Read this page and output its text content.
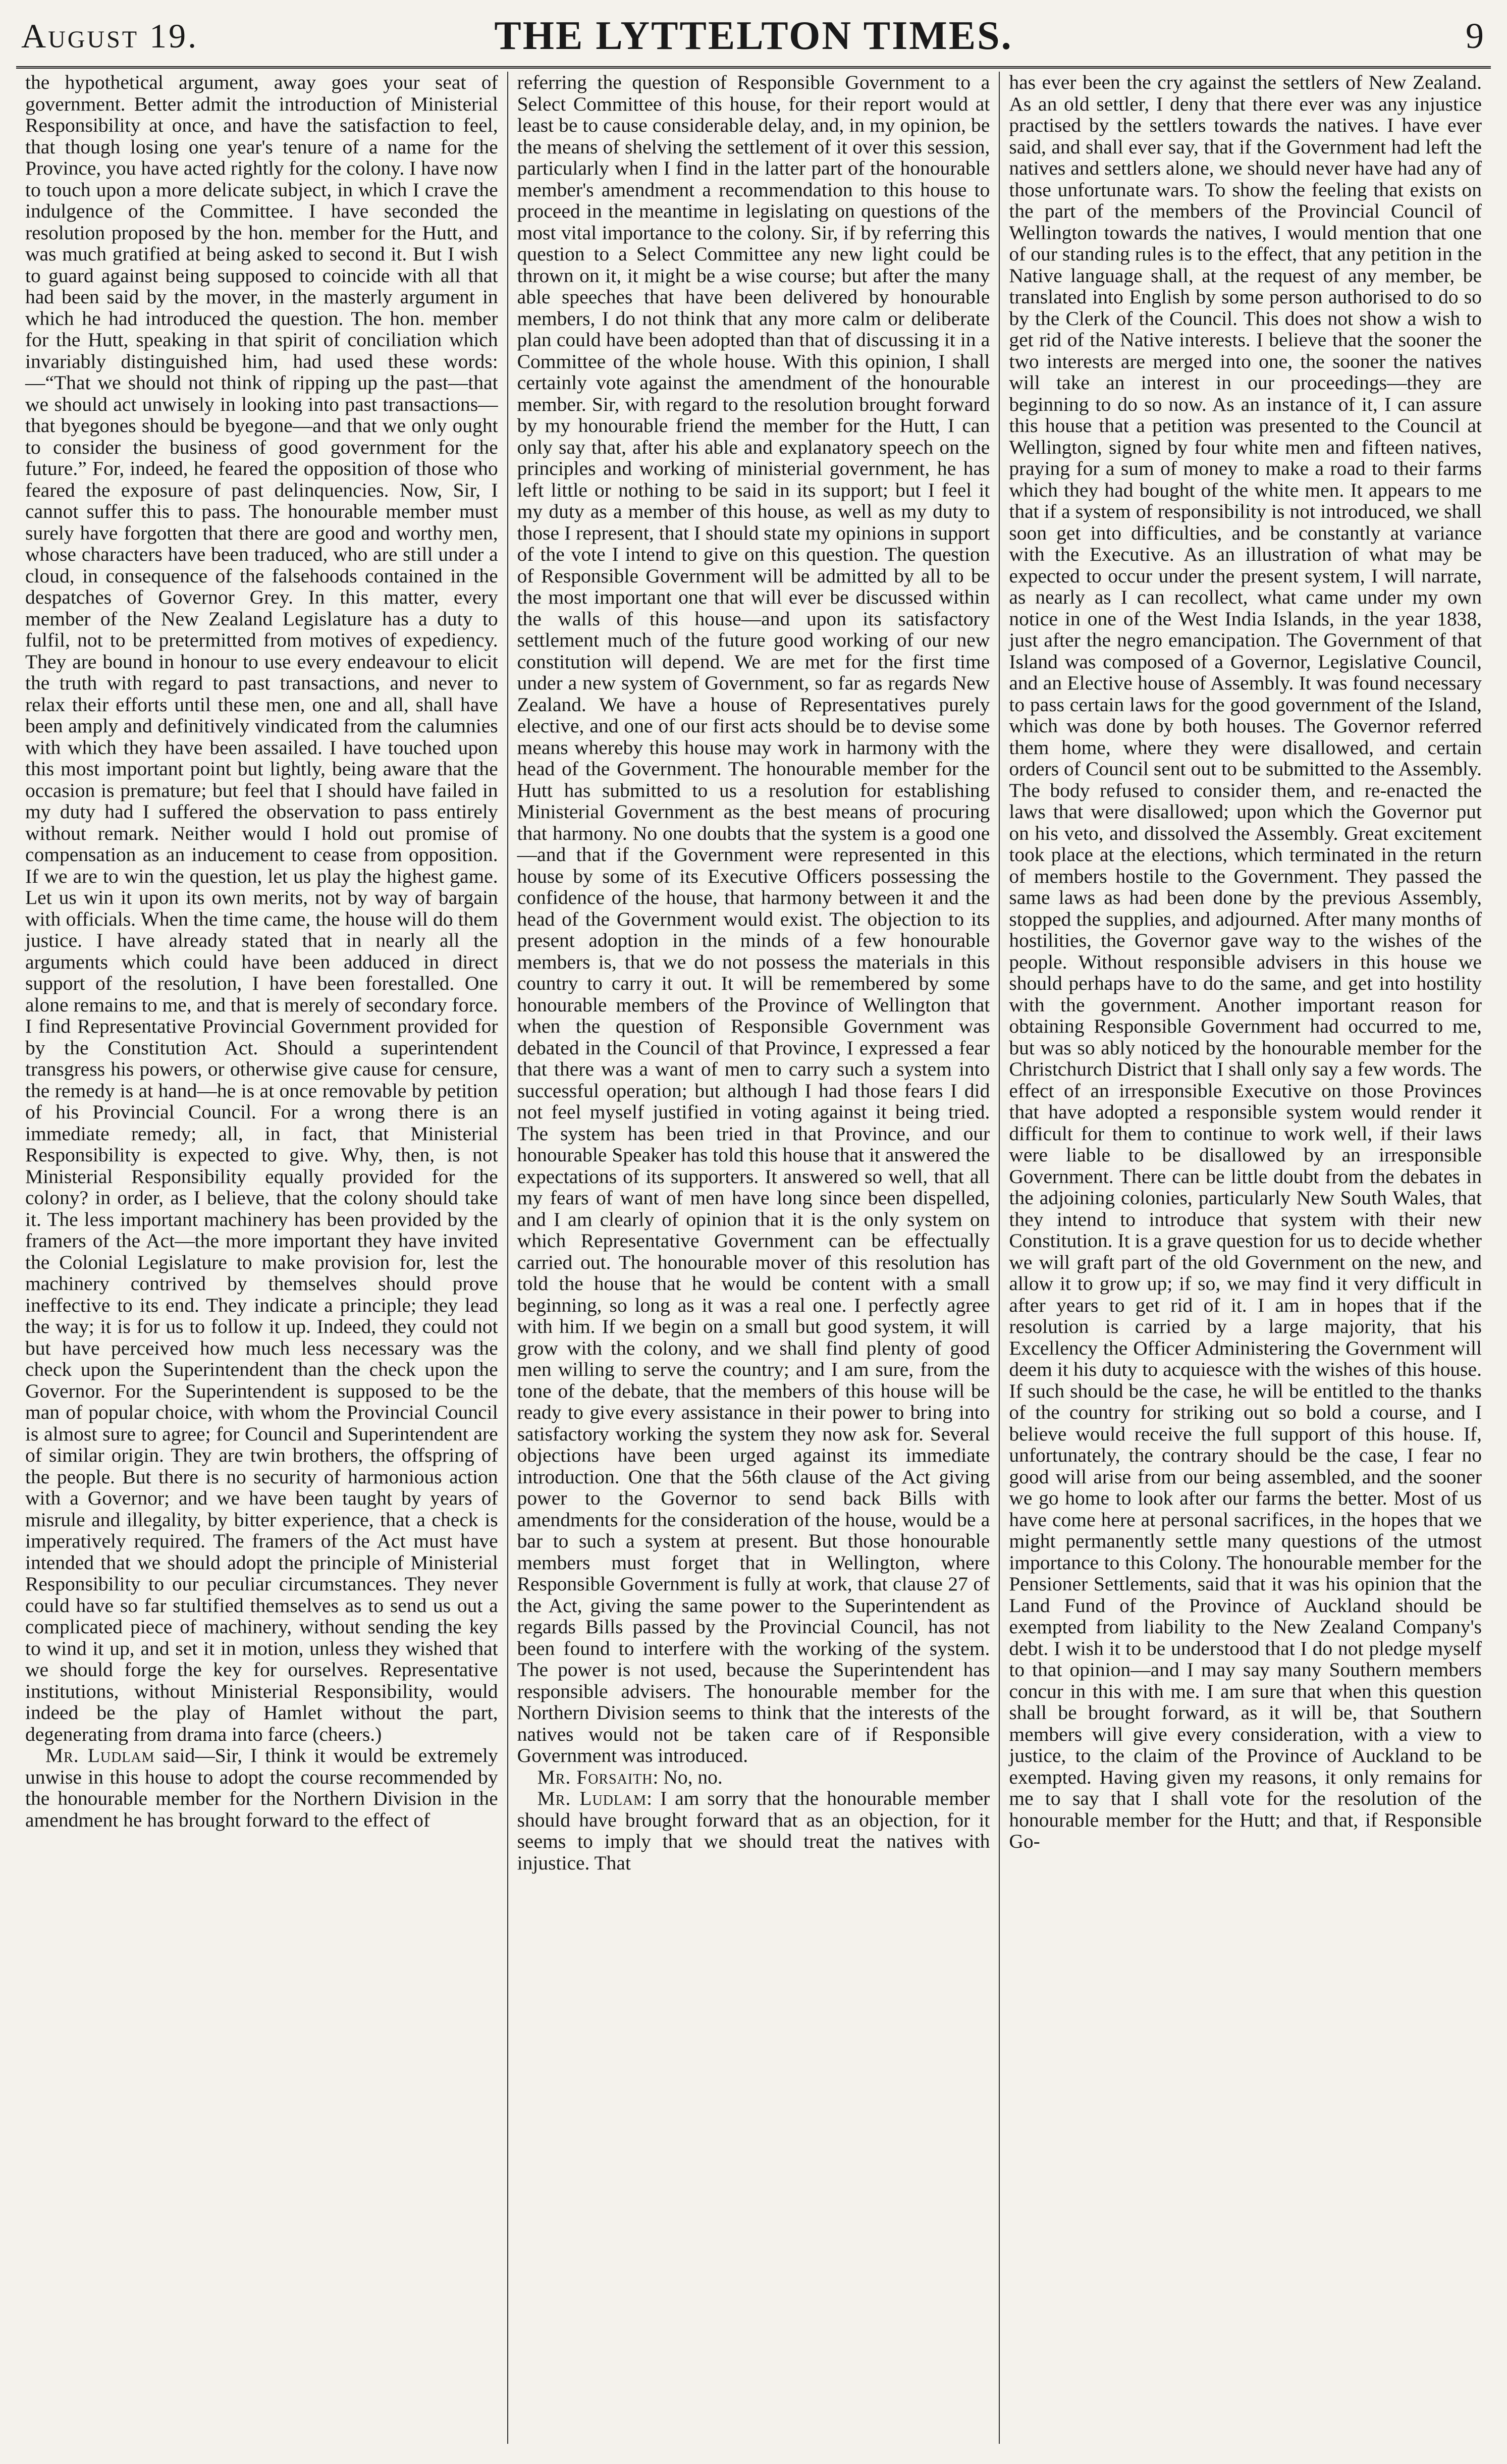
August 19.	THE LYTTELTON TIMES.	9

the hypothetical argument, away goes your seat of government. Better admit the introduction of Ministerial Responsibility at once, and have the satisfaction to feel, that though losing one year's tenure of a name for the Province, you have acted rightly for the colony. I have now to touch upon a more delicate subject, in which I crave the indulgence of the Committee. I have seconded the resolution proposed by the hon. member for the Hutt, and was much gratified at being asked to second it. But I wish to guard against being supposed to coincide with all that had been said by the mover, in the masterly argument in which he had introduced the question. The hon. member for the Hutt, speaking in that spirit of conciliation which invariably distinguished him, had used these words:—“That we should not think of ripping up the past—that we should act unwisely in looking into past transactions—that byegones should be byegone—and that we only ought to consider the business of good government for the future.” For, indeed, he feared the opposition of those who feared the exposure of past delinquencies. Now, Sir, I cannot suffer this to pass. The honourable member must surely have forgotten that there are good and worthy men, whose characters have been traduced, who are still under a cloud, in consequence of the falsehoods contained in the despatches of Governor Grey. In this matter, every member of the New Zealand Legislature has a duty to fulfil, not to be pretermitted from motives of expediency. They are bound in honour to use every endeavour to elicit the truth with regard to past transactions, and never to relax their efforts until these men, one and all, shall have been amply and definitively vindicated from the calumnies with which they have been assailed. I have touched upon this most important point but lightly, being aware that the occasion is premature; but feel that I should have failed in my duty had I suffered the observation to pass entirely without remark. Neither would I hold out promise of compensation as an inducement to cease from opposition. If we are to win the question, let us play the highest game. Let us win it upon its own merits, not by way of bargain with officials. When the time came, the house will do them justice. I have already stated that in nearly all the arguments which could have been adduced in direct support of the resolution, I have been forestalled. One alone remains to me, and that is merely of secondary force. I find Representative Provincial Government provided for by the Constitution Act. Should a superintendent transgress his powers, or otherwise give cause for censure, the remedy is at hand—he is at once removable by petition of his Provincial Council. For a wrong there is an immediate remedy; all, in fact, that Ministerial Responsibility is expected to give. Why, then, is not Ministerial Responsibility equally provided for the colony? in order, as I believe, that the colony should take it. The less important machinery has been provided by the framers of the Act—the more important they have invited the Colonial Legislature to make provision for, lest the machinery contrived by themselves should prove ineffective to its end. They indicate a principle; they lead the way; it is for us to follow it up. Indeed, they could not but have perceived how much less necessary was the check upon the Superintendent than the check upon the Governor. For the Superintendent is supposed to be the man of popular choice, with whom the Provincial Council is almost sure to agree; for Council and Superintendent are of similar origin. They are twin brothers, the offspring of the people. But there is no security of harmonious action with a Governor; and we have been taught by years of misrule and illegality, by bitter experience, that a check is imperatively required. The framers of the Act must have intended that we should adopt the principle of Ministerial Responsibility to our peculiar circumstances. They never could have so far stultified themselves as to send us out a complicated piece of machinery, without sending the key to wind it up, and set it in motion, unless they wished that we should forge the key for ourselves. Representative institutions, without Ministerial Responsibility, would indeed be the play of Hamlet without the part, degenerating from drama into farce (cheers.)

Mr. Ludlam said—Sir, I think it would be extremely unwise in this house to adopt the course recommended by the honourable member for the Northern Division in the amendment he has brought forward to the effect of

referring the question of Responsible Government to a Select Committee of this house, for their report would at least be to cause considerable delay, and, in my opinion, be the means of shelving the settlement of it over this session, particularly when I find in the latter part of the honourable member's amendment a recommendation to this house to proceed in the meantime in legislating on questions of the most vital importance to the colony. Sir, if by referring this question to a Select Committee any new light could be thrown on it, it might be a wise course; but after the many able speeches that have been delivered by honourable members, I do not think that any more calm or deliberate plan could have been adopted than that of discussing it in a Committee of the whole house. With this opinion, I shall certainly vote against the amendment of the honourable member. Sir, with regard to the resolution brought forward by my honourable friend the member for the Hutt, I can only say that, after his able and explanatory speech on the principles and working of ministerial government, he has left little or nothing to be said in its support; but I feel it my duty as a member of this house, as well as my duty to those I represent, that I should state my opinions in support of the vote I intend to give on this question. The question of Responsible Government will be admitted by all to be the most important one that will ever be discussed within the walls of this house—and upon its satisfactory settlement much of the future good working of our new constitution will depend. We are met for the first time under a new system of Government, so far as regards New Zealand. We have a house of Representatives purely elective, and one of our first acts should be to devise some means whereby this house may work in harmony with the head of the Government. The honourable member for the Hutt has submitted to us a resolution for establishing Ministerial Government as the best means of procuring that harmony. No one doubts that the system is a good one—and that if the Government were represented in this house by some of its Executive Officers possessing the confidence of the house, that harmony between it and the head of the Government would exist. The objection to its present adoption in the minds of a few honourable members is, that we do not possess the materials in this country to carry it out. It will be remembered by some honourable members of the Province of Wellington that when the question of Responsible Government was debated in the Council of that Province, I expressed a fear that there was a want of men to carry such a system into successful operation; but although I had those fears I did not feel myself justified in voting against it being tried. The system has been tried in that Province, and our honourable Speaker has told this house that it answered the expectations of its supporters. It answered so well, that all my fears of want of men have long since been dispelled, and I am clearly of opinion that it is the only system on which Representative Government can be effectually carried out. The honourable mover of this resolution has told the house that he would be content with a small beginning, so long as it was a real one. I perfectly agree with him. If we begin on a small but good system, it will grow with the colony, and we shall find plenty of good men willing to serve the country; and I am sure, from the tone of the debate, that the members of this house will be ready to give every assistance in their power to bring into satisfactory working the system they now ask for. Several objections have been urged against its immediate introduction. One that the 56th clause of the Act giving power to the Governor to send back Bills with amendments for the consideration of the house, would be a bar to such a system at present. But those honourable members must forget that in Wellington, where Responsible Government is fully at work, that clause 27 of the Act, giving the same power to the Superintendent as regards Bills passed by the Provincial Council, has not been found to interfere with the working of the system. The power is not used, because the Superintendent has responsible advisers. The honourable member for the Northern Division seems to think that the interests of the natives would not be taken care of if Responsible Government was introduced.

Mr. Forsaith: No, no.

Mr. Ludlam: I am sorry that the honourable member should have brought forward that as an objection, for it seems to imply that we should treat the natives with injustice. That

has ever been the cry against the settlers of New Zealand. As an old settler, I deny that there ever was any injustice practised by the settlers towards the natives. I have ever said, and shall ever say, that if the Government had left the natives and settlers alone, we should never have had any of those unfortunate wars. To show the feeling that exists on the part of the members of the Provincial Council of Wellington towards the natives, I would mention that one of our standing rules is to the effect, that any petition in the Native language shall, at the request of any member, be translated into English by some person authorised to do so by the Clerk of the Council. This does not show a wish to get rid of the Native interests. I believe that the sooner the two interests are merged into one, the sooner the natives will take an interest in our proceedings—they are beginning to do so now. As an instance of it, I can assure this house that a petition was presented to the Council at Wellington, signed by four white men and fifteen natives, praying for a sum of money to make a road to their farms which they had bought of the white men. It appears to me that if a system of responsibility is not introduced, we shall soon get into difficulties, and be constantly at variance with the Executive. As an illustration of what may be expected to occur under the present system, I will narrate, as nearly as I can recollect, what came under my own notice in one of the West India Islands, in the year 1838, just after the negro emancipation. The Government of that Island was composed of a Governor, Legislative Council, and an Elective house of Assembly. It was found necessary to pass certain laws for the good government of the Island, which was done by both houses. The Governor referred them home, where they were disallowed, and certain orders of Council sent out to be submitted to the Assembly. The body refused to consider them, and re-enacted the laws that were disallowed; upon which the Governor put on his veto, and dissolved the Assembly. Great excitement took place at the elections, which terminated in the return of members hostile to the Government. They passed the same laws as had been done by the previous Assembly, stopped the supplies, and adjourned. After many months of hostilities, the Governor gave way to the wishes of the people. Without responsible advisers in this house we should perhaps have to do the same, and get into hostility with the government. Another important reason for obtaining Responsible Government had occurred to me, but was so ably noticed by the honourable member for the Christchurch District that I shall only say a few words. The effect of an irresponsible Executive on those Provinces that have adopted a responsible system would render it difficult for them to continue to work well, if their laws were liable to be disallowed by an irresponsible Government. There can be little doubt from the debates in the adjoining colonies, particularly New South Wales, that they intend to introduce that system with their new Constitution. It is a grave question for us to decide whether we will graft part of the old Government on the new, and allow it to grow up; if so, we may find it very difficult in after years to get rid of it. I am in hopes that if the resolution is carried by a large majority, that his Excellency the Officer Administering the Government will deem it his duty to acquiesce with the wishes of this house. If such should be the case, he will be entitled to the thanks of the country for striking out so bold a course, and I believe would receive the full support of this house. If, unfortunately, the contrary should be the case, I fear no good will arise from our being assembled, and the sooner we go home to look after our farms the better. Most of us have come here at personal sacrifices, in the hopes that we might permanently settle many questions of the utmost importance to this Colony. The honourable member for the Pensioner Settlements, said that it was his opinion that the Land Fund of the Province of Auckland should be exempted from liability to the New Zealand Company's debt. I wish it to be understood that I do not pledge myself to that opinion—and I may say many Southern members concur in this with me. I am sure that when this question shall be brought forward, as it will be, that Southern members will give every consideration, with a view to justice, to the claim of the Province of Auckland to be exempted. Having given my reasons, it only remains for me to say that I shall vote for the resolution of the honourable member for the Hutt; and that, if Responsible Go-
